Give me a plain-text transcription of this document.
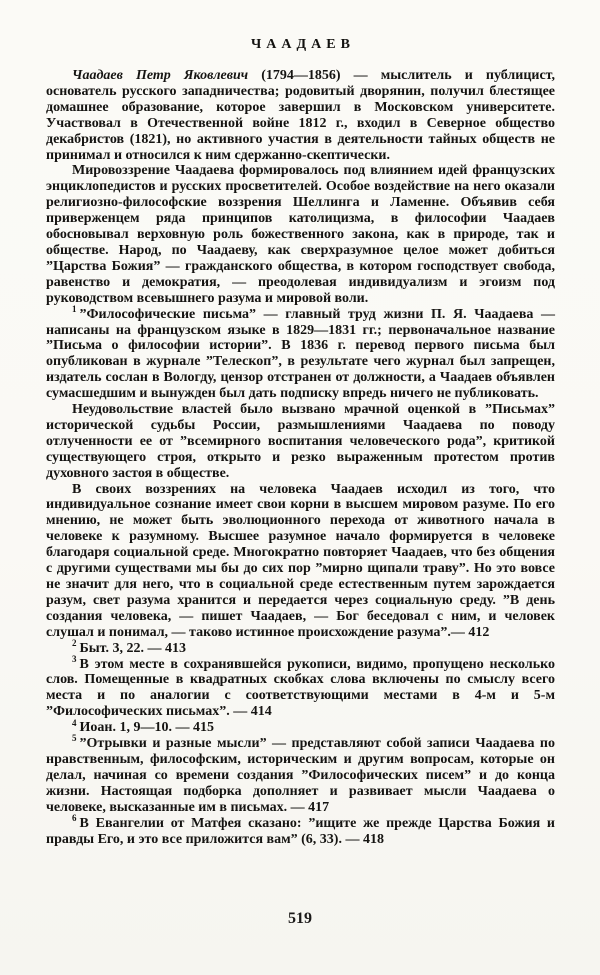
ЧААДАЕВ

Чаадаев Петр Яковлевич (1794—1856) — мыслитель и публицист, основатель русского западничества; родовитый дворянин, получил блестящее домашнее образование, которое завершил в Московском университете. Участвовал в Отечественной войне 1812 г., входил в Северное общество декабристов (1821), но активного участия в деятельности тайных обществ не принимал и относился к ним сдержанно-скептически.

Мировоззрение Чаадаева формировалось под влиянием идей французских энциклопедистов и русских просветителей. Особое воздействие на него оказали религиозно-философские воззрения Шеллинга и Ламенне. Объявив себя приверженцем ряда принципов католицизма, в философии Чаадаев обосновывал верховную роль божественного закона, как в природе, так и обществе. Народ, по Чаадаеву, как сверхразумное целое может добиться ”Царства Божия” — гражданского общества, в котором господствует свобода, равенство и демократия, — преодолевая индивидуализм и эгоизм под руководством всевышнего разума и мировой воли.

$^1$ ”Философические письма” — главный труд жизни П. Я. Чаадаева — написаны на французском языке в 1829—1831 гг.; первоначальное название ”Письма о философии истории”. В 1836 г. перевод первого письма был опубликован в журнале ”Телескоп”, в результате чего журнал был запрещен, издатель сослан в Вологду, цензор отстранен от должности, а Чаадаев объявлен сумасшедшим и вынужден был дать подписку впредь ничего не публиковать.

Неудовольствие властей было вызвано мрачной оценкой в ”Письмах” исторической судьбы России, размышлениями Чаадаева по поводу отлученности ее от ”всемирного воспитания человеческого рода”, критикой существующего строя, открыто и резко выраженным протестом против духовного застоя в обществе.

В своих воззрениях на человека Чаадаев исходил из того, что индивидуальное сознание имеет свои корни в высшем мировом разуме. По его мнению, не может быть эволюционного перехода от животного начала в человеке к разумному. Высшее разумное начало формируется в человеке благодаря социальной среде. Многократно повторяет Чаадаев, что без общения с другими существами мы бы до сих пор ”мирно щипали траву”. Но это вовсе не значит для него, что в социальной среде естественным путем зарождается разум, свет разума хранится и передается через социальную среду. ”В день создания человека, — пишет Чаадаев, — Бог беседовал с ним, и человек слушал и понимал, — таково истинное происхождение разума”.— 412

$^2$ Быт. 3, 22. — 413

$^3$ В этом месте в сохранявшейся рукописи, видимо, пропущено несколько слов. Помещенные в квадратных скобках слова включены по смыслу всего места и по аналогии с соответствующими местами в 4-м и 5-м ”Философических письмах”. — 414

$^4$ Иоан. 1, 9—10. — 415

$^5$ ”Отрывки и разные мысли” — представляют собой записи Чаадаева по нравственным, философским, историческим и другим вопросам, которые он делал, начиная со времени создания ”Философических писем” и до конца жизни. Настоящая подборка дополняет и развивает мысли Чаадаева о человеке, высказанные им в письмах. — 417

$^6$ В Евангелии от Матфея сказано: ”ищите же прежде Царства Божия и правды Его, и это все приложится вам” (6, 33). — 418

519
